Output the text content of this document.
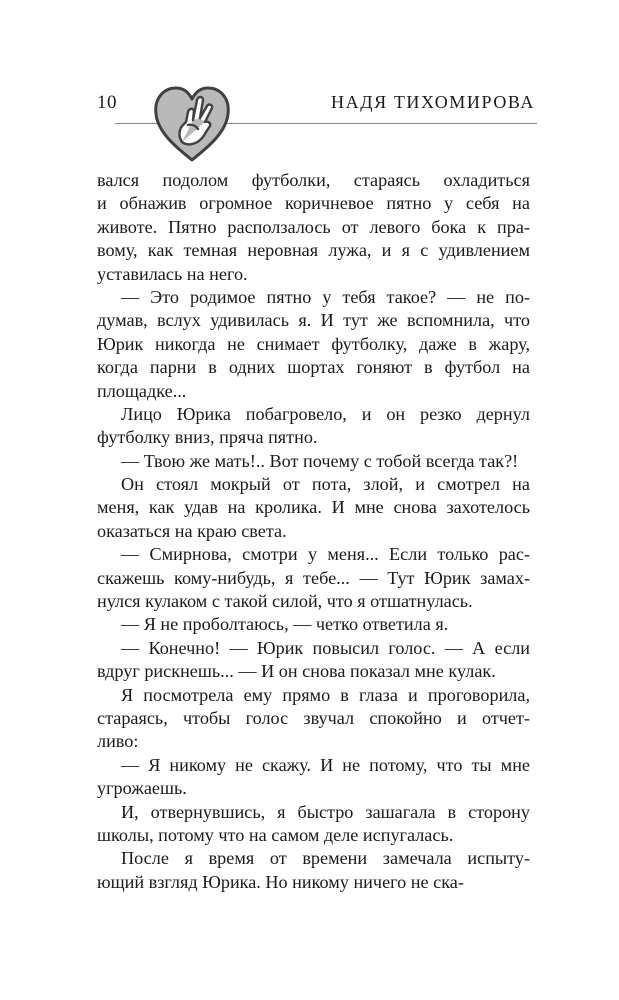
10	НАДЯ ТИХОМИРОВА
вался подолом футболки, стараясь охладиться
и обнажив огромное коричневое пятно у себя на
животе. Пятно расползалось от левого бока к пра-
вому, как темная неровная лужа, и я с удивлением
уставилась на него.
— Это родимое пятно у тебя такое? — не по-
думав, вслух удивилась я. И тут же вспомнила, что
Юрик никогда не снимает футболку, даже в жару,
когда парни в одних шортах гоняют в футбол на
площадке...
Лицо Юрика побагровело, и он резко дернул
футболку вниз, пряча пятно.
— Твою же мать!.. Вот почему с тобой всегда так?!
Он стоял мокрый от пота, злой, и смотрел на
меня, как удав на кролика. И мне снова захотелось
оказаться на краю света.
— Смирнова, смотри у меня... Если только рас-
скажешь кому-нибудь, я тебе... — Тут Юрик замах-
нулся кулаком с такой силой, что я отшатнулась.
— Я не проболтаюсь, — четко ответила я.
— Конечно! — Юрик повысил голос. — А если
вдруг рискнешь... — И он снова показал мне кулак.
Я посмотрела ему прямо в глаза и проговорила,
стараясь, чтобы голос звучал спокойно и отчет-
ливо:
— Я никому не скажу. И не потому, что ты мне
угрожаешь.
И, отвернувшись, я быстро зашагала в сторону
школы, потому что на самом деле испугалась.
После я время от времени замечала испыту-
ющий взгляд Юрика. Но никому ничего не ска-
